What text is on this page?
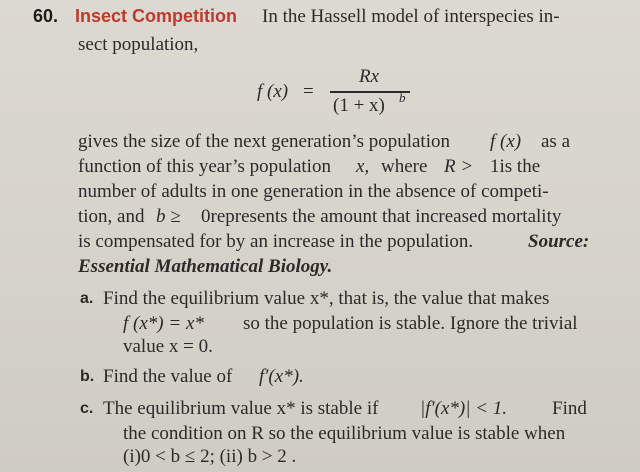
60. Insect Competition In the Hassell model of interspecies in-
sect population,
f (x) =
Rx
(1 + x) b
gives the size of the next generation’s population f (x) as a
function of this year’s population x, where R > 1is the
number of adults in one generation in the absence of competi-
tion, and b ≥ 0represents the amount that increased mortality
is compensated for by an increase in the population.	Source:
Essential Mathematical Biology.
a. Find the equilibrium value x*, that is, the value that makes
f (x*) = x* so the population is stable. Ignore the trivial
value x = 0.
b. Find the value of f′(x*).
c. The equilibrium value x* is stable if |f′(x*)| < 1. Find
the condition on R so the equilibrium value is stable when
(i)0 < b ≤ 2; (ii) b > 2 .
